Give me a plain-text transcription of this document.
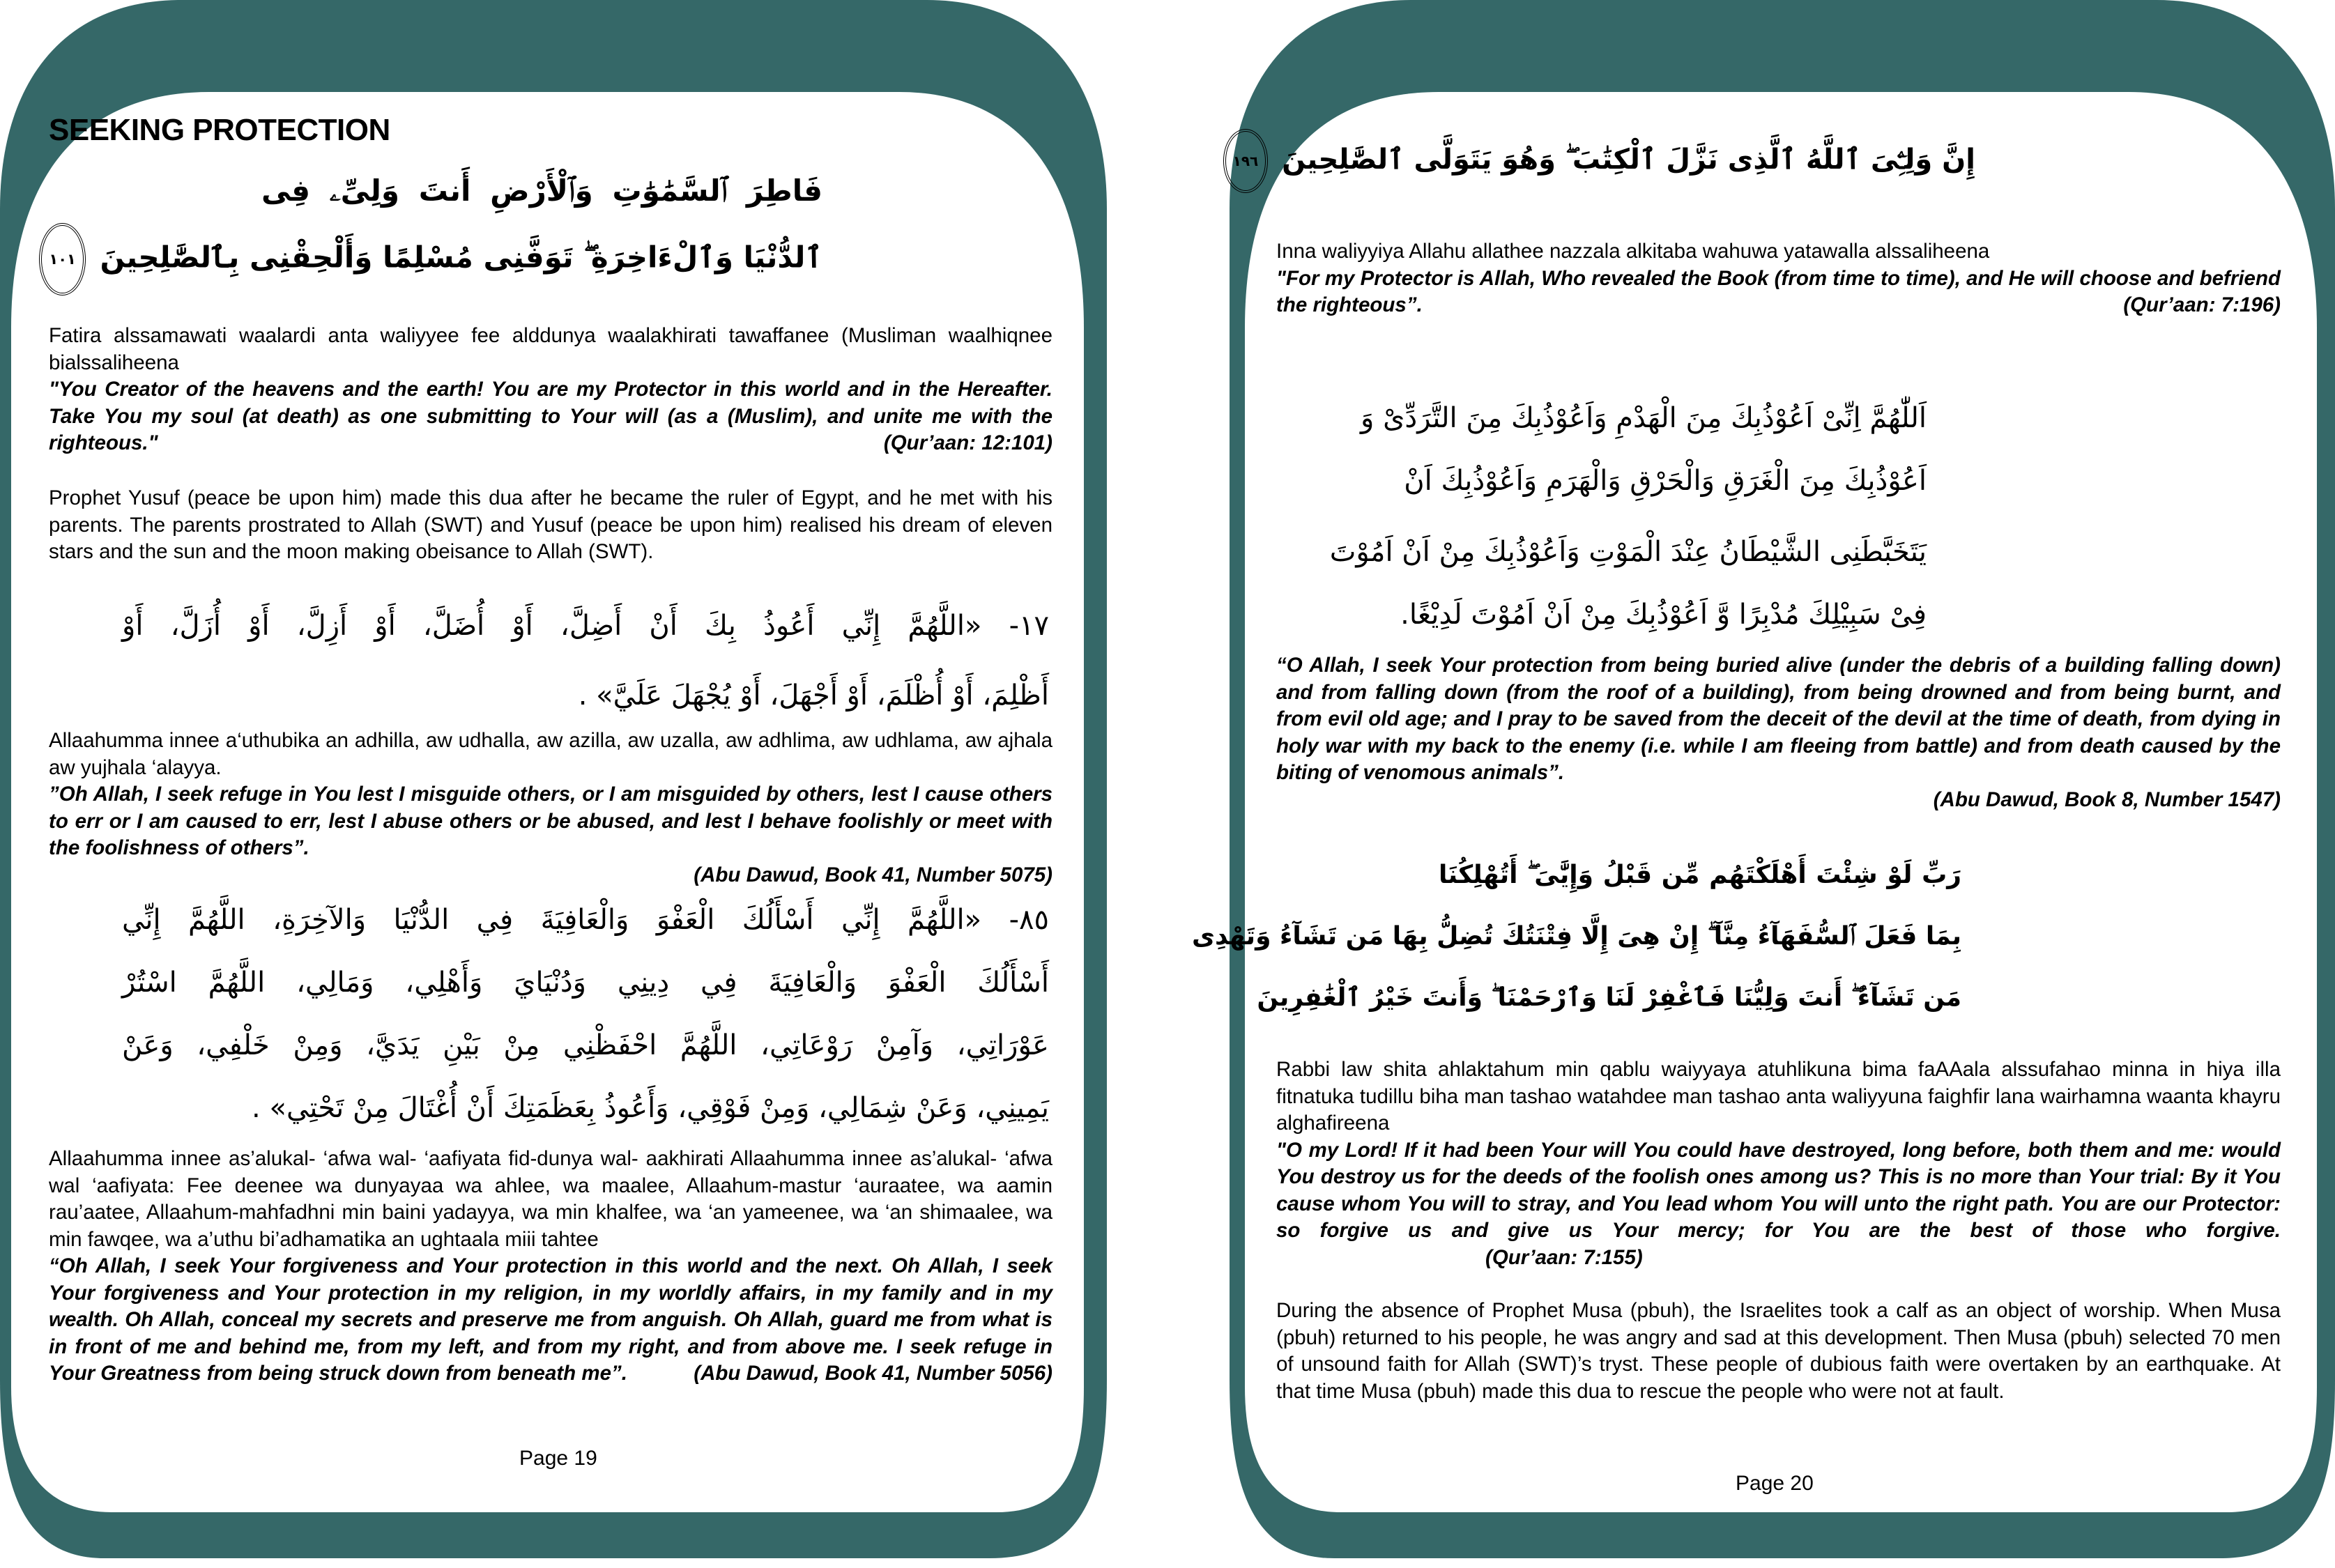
SEEKING PROTECTION
فَاطِرَ ٱلسَّمَٰوَٰتِ وَٱلْأَرْضِ أَنتَ وَلِىِّۦ فِى
ٱلدُّنْيَا وَٱلْءَاخِرَةِ ۖ تَوَفَّنِى مُسْلِمًا وَأَلْحِقْنِى بِٱلصَّٰلِحِينَ ١٠١
Fatira alssamawati waalardi anta waliyyee fee alddunya waalakhirati tawaffanee (Musliman waalhiqnee bialssaliheena
"You Creator of the heavens and the earth! You are my Protector in this world and in the Hereafter. Take You my soul (at death) as one submitting to Your will (as a (Muslim), and unite me with the righteous."	(Qur’aan: 12:101)
Prophet Yusuf (peace be upon him) made this dua after he became the ruler of Egypt, and he met with his parents. The parents prostrated to Allah (SWT) and Yusuf (peace be upon him) realised his dream of eleven stars and the sun and the moon making obeisance to Allah (SWT).
١٧- «اللَّهُمَّ إِنِّي أَعُوذُ بِكَ أَنْ أَضِلَّ، أَوْ أُضَلَّ، أَوْ أَزِلَّ، أَوْ أُزَلَّ، أَوْ
أَظْلِمَ، أَوْ أُظْلَمَ، أَوْ أَجْهَلَ، أَوْ يُجْهَلَ عَلَيَّ» .
Allaahumma innee a‘uthubika an adhilla, aw udhalla, aw azilla, aw uzalla, aw adhlima, aw udhlama, aw ajhala aw yujhala ‘alayya.
”Oh Allah, I seek refuge in You lest I misguide others, or I am misguided by others, lest I cause others to err or I am caused to err, lest I abuse others or be abused, and lest I behave foolishly or meet with the foolishness of others”.
(Abu Dawud, Book 41, Number 5075)
٨٥- «اللَّهُمَّ إِنِّي أَسْأَلُكَ الْعَفْوَ وَالْعَافِيَةَ فِي الدُّنْيَا وَالآخِرَةِ، اللَّهُمَّ إِنِّي
أَسْأَلُكَ الْعَفْوَ وَالْعَافِيَةَ فِي دِينِي وَدُنْيَايَ وَأَهْلِي، وَمَالِي، اللَّهُمَّ اسْتُرْ
عَوْرَاتِي، وَآمِنْ رَوْعَاتِي، اللَّهُمَّ احْفَظْنِي مِنْ بَيْنِ يَدَيَّ، وَمِنْ خَلْفِي، وَعَنْ
يَمِينِي، وَعَنْ شِمَالِي، وَمِنْ فَوْقِي، وَأَعُوذُ بِعَظَمَتِكَ أَنْ أُغْتَالَ مِنْ تَحْتِي» .
Allaahumma innee as’alukal- ‘afwa wal- ‘aafiyata fid-dunya wal- aakhirati Allaahumma innee as’alukal- ‘afwa wal ‘aafiyata: Fee deenee wa dunyayaa wa ahlee, wa maalee, Allaahum-mastur ‘auraatee, wa aamin rau’aatee, Allaahum-mahfadhni min baini yadayya, wa min khalfee, wa ‘an yameenee, wa ‘an shimaalee, wa min fawqee, wa a’uthu bi’adhamatika an ughtaala miii tahtee
“Oh Allah, I seek Your forgiveness and Your protection in this world and the next. Oh Allah, I seek Your forgiveness and Your protection in my religion, in my worldly affairs, in my family and in my wealth. Oh Allah, conceal my secrets and preserve me from anguish. Oh Allah, guard me from what is in front of me and behind me, from my left, and from my right, and from above me. I seek refuge in Your Greatness from being struck down from beneath me”.	(Abu Dawud, Book 41, Number 5056)
Page 19
إِنَّ وَلِـِّۧىَ ٱللَّهُ ٱلَّذِى نَزَّلَ ٱلْكِتَٰبَ ۖ وَهُوَ يَتَوَلَّى ٱلصَّٰلِحِينَ ١٩٦
Inna waliyyiya Allahu allathee nazzala alkitaba wahuwa yatawalla alssaliheena
"For my Protector is Allah, Who revealed the Book (from time to time), and He will choose and befriend the righteous”.	(Qur’aan: 7:196)
اَللّٰهُمَّ اِنِّىْ اَعُوْذُبِكَ مِنَ الْهَدْمِ وَاَعُوْذُبِكَ مِنَ التَّرَدِّىْ وَ
اَعُوْذُبِكَ مِنَ الْغَرَقِ وَالْحَرْقِ وَالْهَرَمِ وَاَعُوْذُبِكَ اَنْ
يَتَخَبَّطَنِى الشَّيْطَانُ عِنْدَ الْمَوْتِ وَاَعُوْذُبِكَ مِنْ اَنْ اَمُوْتَ
فِىْ سَبِيْلِكَ مُدْبِرًا وَّ اَعُوْذُبِكَ مِنْ اَنْ اَمُوْتَ لَدِيْغًا.
“O Allah, I seek Your protection from being buried alive (under the debris of a building falling down) and from falling down (from the roof of a building), from being drowned and from being burnt, and from evil old age; and I pray to be saved from the deceit of the devil at the time of death, from dying in holy war with my back to the enemy (i.e. while I am fleeing from battle) and from death caused by the biting of venomous animals”.
(Abu Dawud, Book 8, Number 1547)
رَبِّ لَوْ شِئْتَ أَهْلَكْتَهُم مِّن قَبْلُ وَإِيَّٰىَ ۖ أَتُهْلِكُنَا
بِمَا فَعَلَ ٱلسُّفَهَآءُ مِنَّآ ۖ إِنْ هِىَ إِلَّا فِتْنَتُكَ تُضِلُّ بِهَا مَن تَشَآءُ وَتَهْدِى
مَن تَشَآءُ ۖ أَنتَ وَلِيُّنَا فَٱغْفِرْ لَنَا وَٱرْحَمْنَا ۖ وَأَنتَ خَيْرُ ٱلْغَٰفِرِينَ
Rabbi law shita ahlaktahum min qablu waiyyaya atuhlikuna bima faAAala alssufahao minna in hiya illa fitnatuka tudillu biha man tashao watahdee man tashao anta waliyyuna faighfir lana wairhamna waanta khayru alghafireena
"O my Lord! If it had been Your will You could have destroyed, long before, both them and me: would You destroy us for the deeds of the foolish ones among us? This is no more than Your trial: By it You cause whom You will to stray, and You lead whom You will unto the right path. You are our Protector: so forgive us and give us Your mercy; for You are the best of those who forgive. (Qur’aan: 7:155)
During the absence of Prophet Musa (pbuh), the Israelites took a calf as an object of worship. When Musa (pbuh) returned to his people, he was angry and sad at this development. Then Musa (pbuh) selected 70 men of unsound faith for Allah (SWT)’s tryst. These people of dubious faith were overtaken by an earthquake. At that time Musa (pbuh) made this dua to rescue the people who were not at fault.
Page 20
